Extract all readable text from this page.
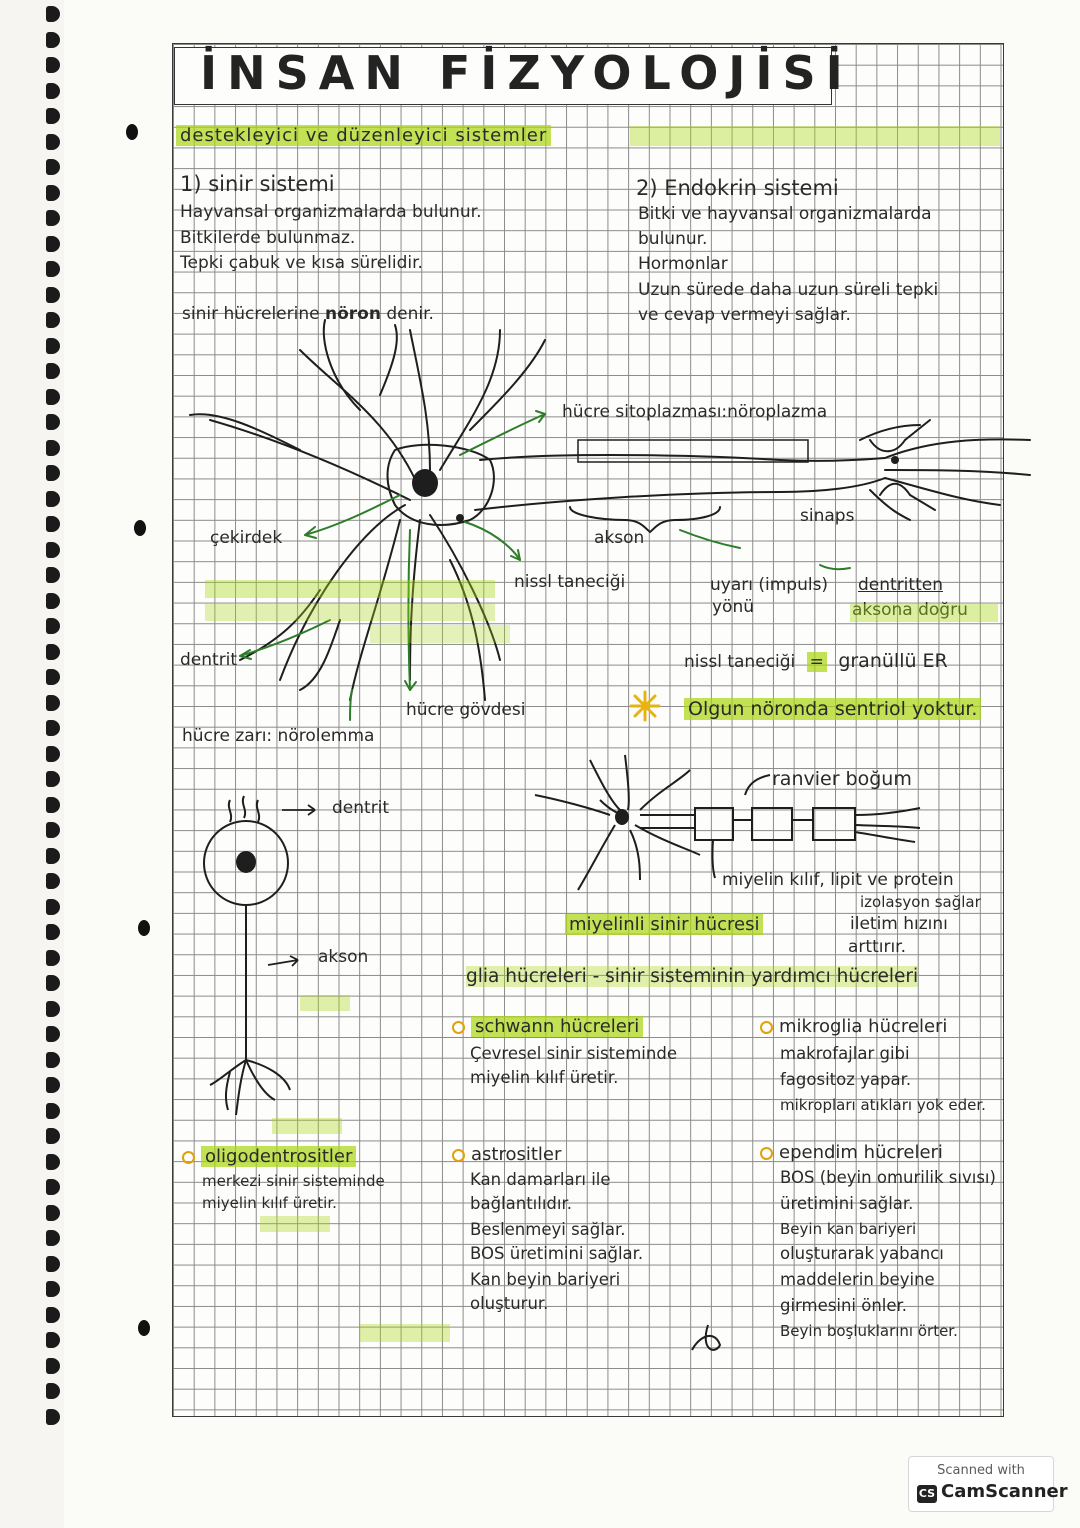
İNSAN FİZYOLOJİSİ
destekleyici ve düzenleyici sistemler
1) sinir sistemi
Hayvansal organizmalarda bulunur.
Bitkilerde bulunmaz.
Tepki çabuk ve kısa sürelidir.
sinir hücrelerine nöron denir.
2) Endokrin sistemi
Bitki ve hayvansal organizmalarda
bulunur.
Hormonlar
Uzun sürede daha uzun süreli tepki
ve cevap vermeyi sağlar.
hücre sitoplazması:nöroplazma
sinaps
çekirdek	akson
nissl taneciği	uyarı (impuls)
yönü
dentritten
dentrit	nissl taneciği = granüllü ER
Olgun nöronda sentriol yoktur.
hücre gövdesi
hücre zarı: nörolemma
dentrit
akson
ranvier boğum
miyelin kılıf, lipit ve protein
izolasyon sağlar
iletim hızını
arttırır.
miyelinli sinir hücresi
glia hücreleri - sinir sisteminin yardımcı hücreleri
schwann hücreleri
Çevresel sinir sisteminde
miyelin kılıf üretir.
mikroglia hücreleri
makrofajlar gibi
fagositoz yapar.
mikropları atıkları yok eder.
oligodentrositler
merkezi sinir sisteminde
miyelin kılıf üretir.
astrositler
Kan damarları ile
bağlantılıdır.
Beslenmeyi sağlar.
BOS üretimini sağlar.
Kan beyin bariyeri
oluşturur.
ependim hücreleri
BOS (beyin omurilik sıvısı)
üretimini sağlar.
Beyin kan bariyeri
oluşturarak yabancı
maddelerin beyine
girmesini önler.
Beyin boşluklarını örter.
Scanned with
CS CamScanner
